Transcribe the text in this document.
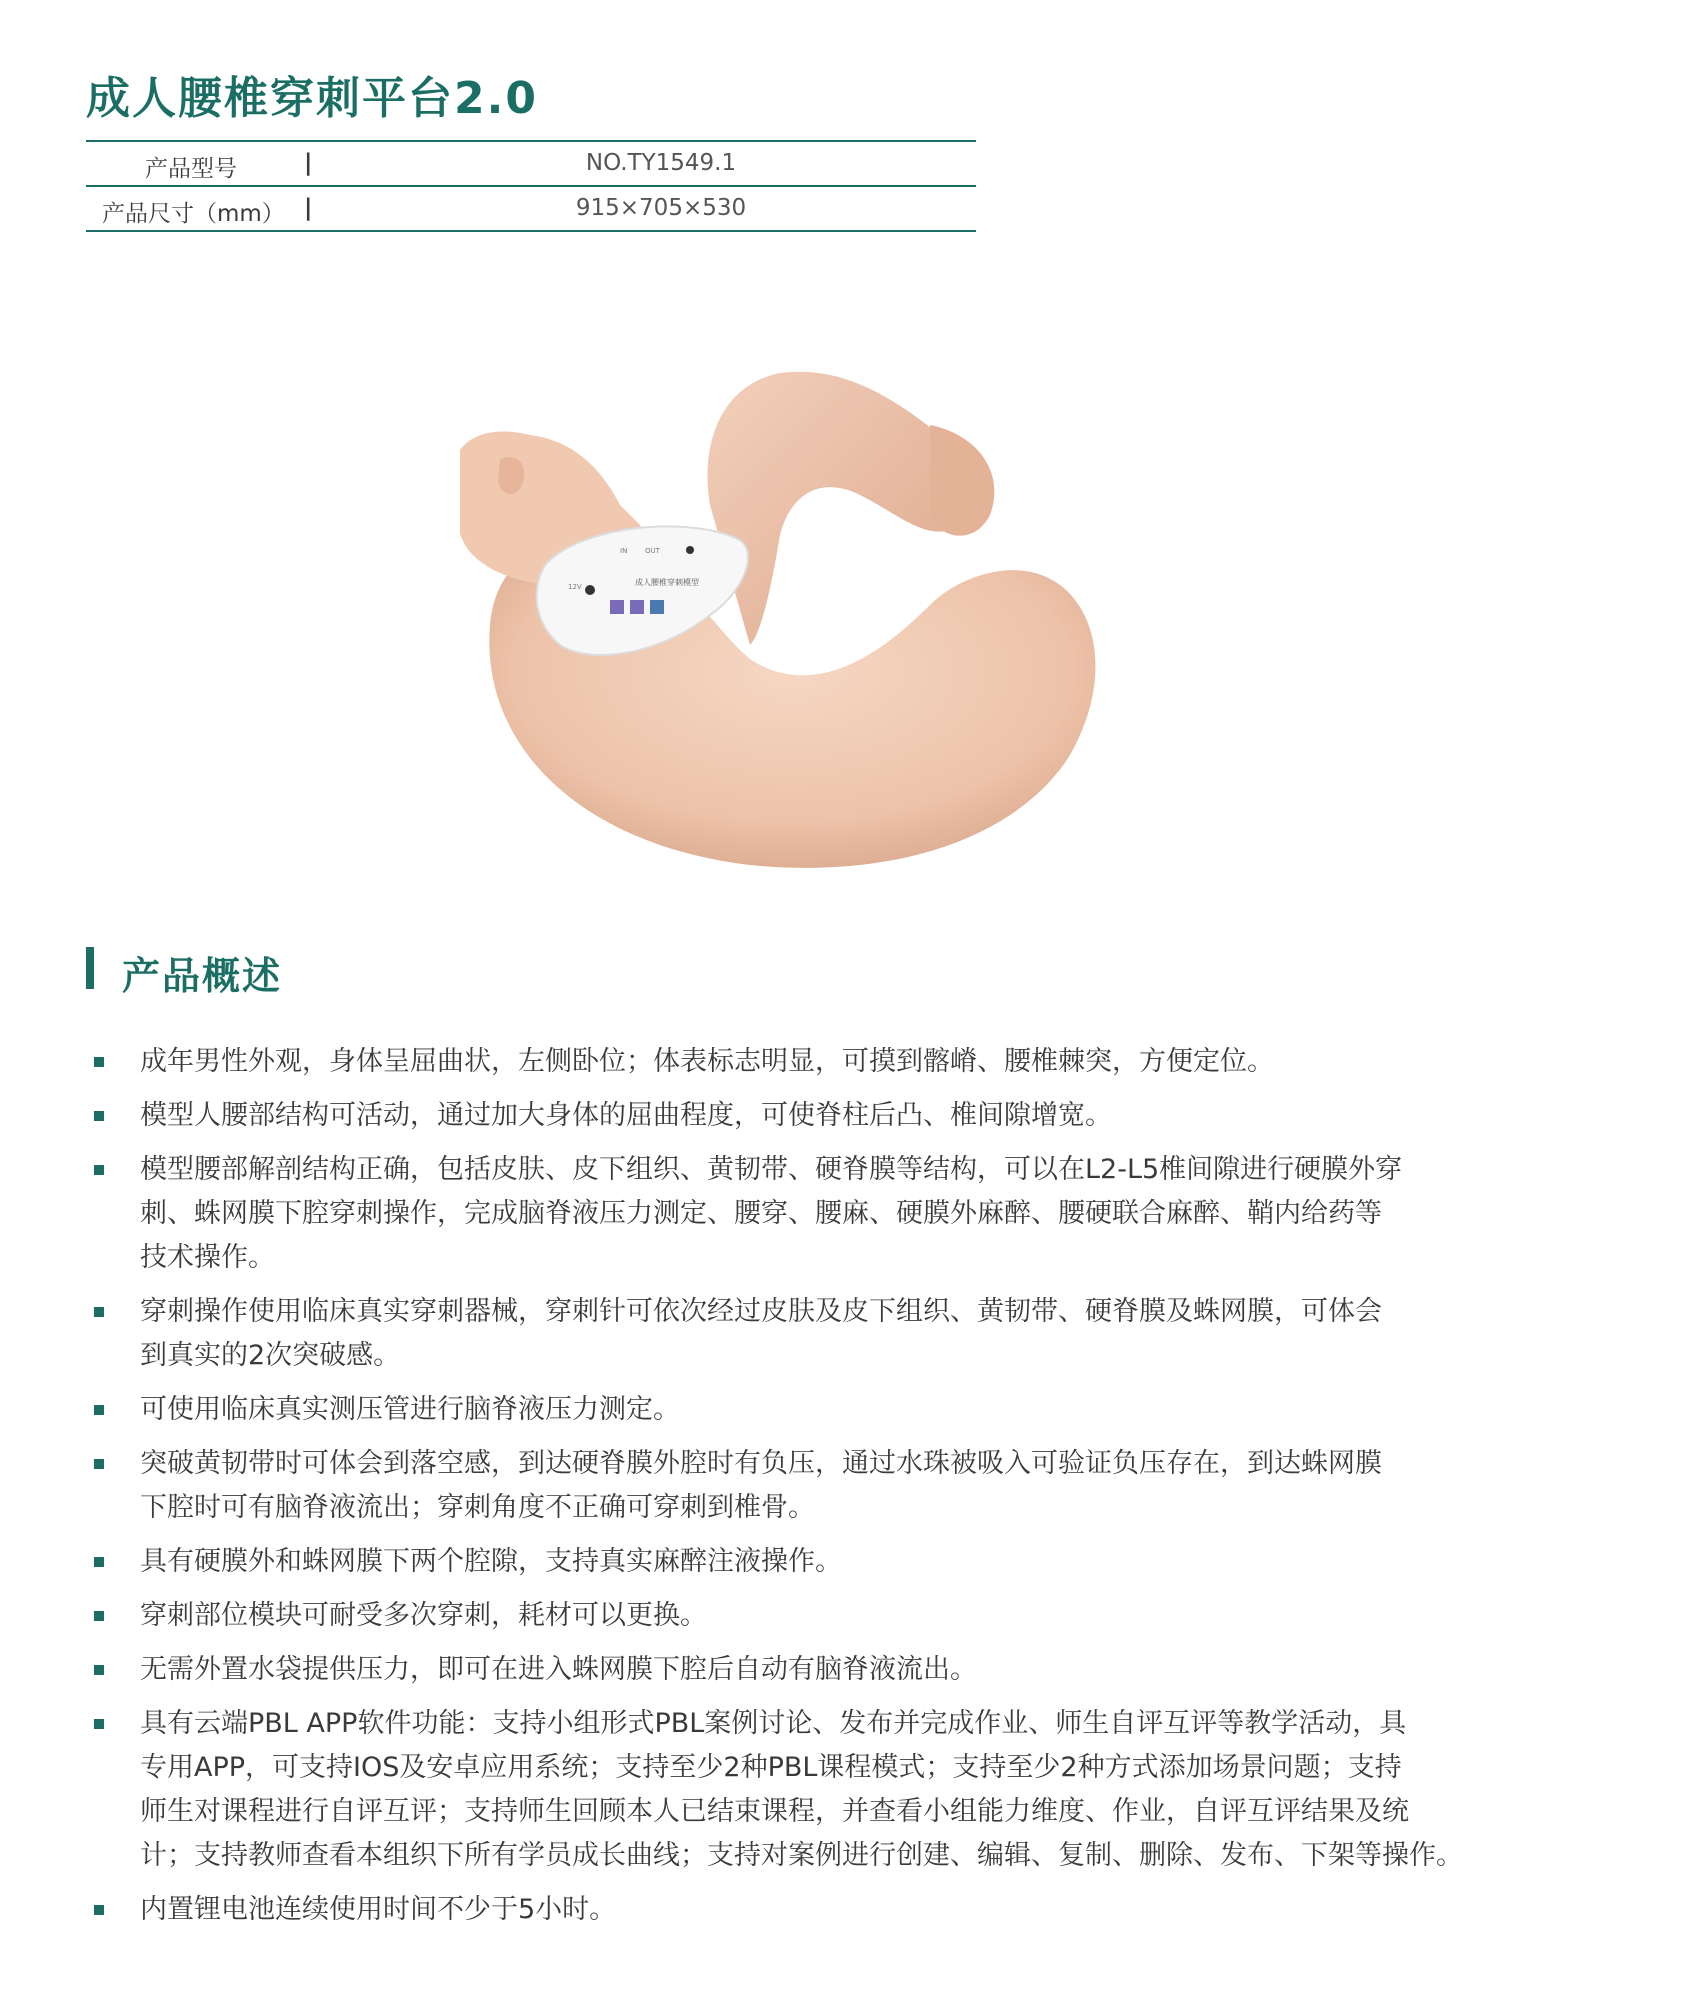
成人腰椎穿刺平台2.0
产品型号	|	NO.TY1549.1
产品尺寸（mm） |	915×705×530
成人腰椎穿刺模型
IN	OUT
12V
产品概述
成年男性外观，身体呈屈曲状，左侧卧位；体表标志明显，可摸到髂嵴、腰椎棘突，方便定位。
模型人腰部结构可活动，通过加大身体的屈曲程度，可使脊柱后凸、椎间隙增宽。
模型腰部解剖结构正确，包括皮肤、皮下组织、黄韧带、硬脊膜等结构，可以在L2-L5椎间隙进行硬膜外穿
刺、蛛网膜下腔穿刺操作，完成脑脊液压力测定、腰穿、腰麻、硬膜外麻醉、腰硬联合麻醉、鞘内给药等
技术操作。
穿刺操作使用临床真实穿刺器械，穿刺针可依次经过皮肤及皮下组织、黄韧带、硬脊膜及蛛网膜，可体会
到真实的2次突破感。
可使用临床真实测压管进行脑脊液压力测定。
突破黄韧带时可体会到落空感，到达硬脊膜外腔时有负压，通过水珠被吸入可验证负压存在，到达蛛网膜
下腔时可有脑脊液流出；穿刺角度不正确可穿刺到椎骨。
具有硬膜外和蛛网膜下两个腔隙，支持真实麻醉注液操作。
穿刺部位模块可耐受多次穿刺，耗材可以更换。
无需外置水袋提供压力，即可在进入蛛网膜下腔后自动有脑脊液流出。
具有云端PBL APP软件功能：支持小组形式PBL案例讨论、发布并完成作业、师生自评互评等教学活动，具
专用APP，可支持IOS及安卓应用系统；支持至少2种PBL课程模式；支持至少2种方式添加场景问题；支持
师生对课程进行自评互评；支持师生回顾本人已结束课程，并查看小组能力维度、作业，自评互评结果及统
计；支持教师查看本组织下所有学员成长曲线；支持对案例进行创建、编辑、复制、删除、发布、下架等操作。
内置锂电池连续使用时间不少于5小时。
